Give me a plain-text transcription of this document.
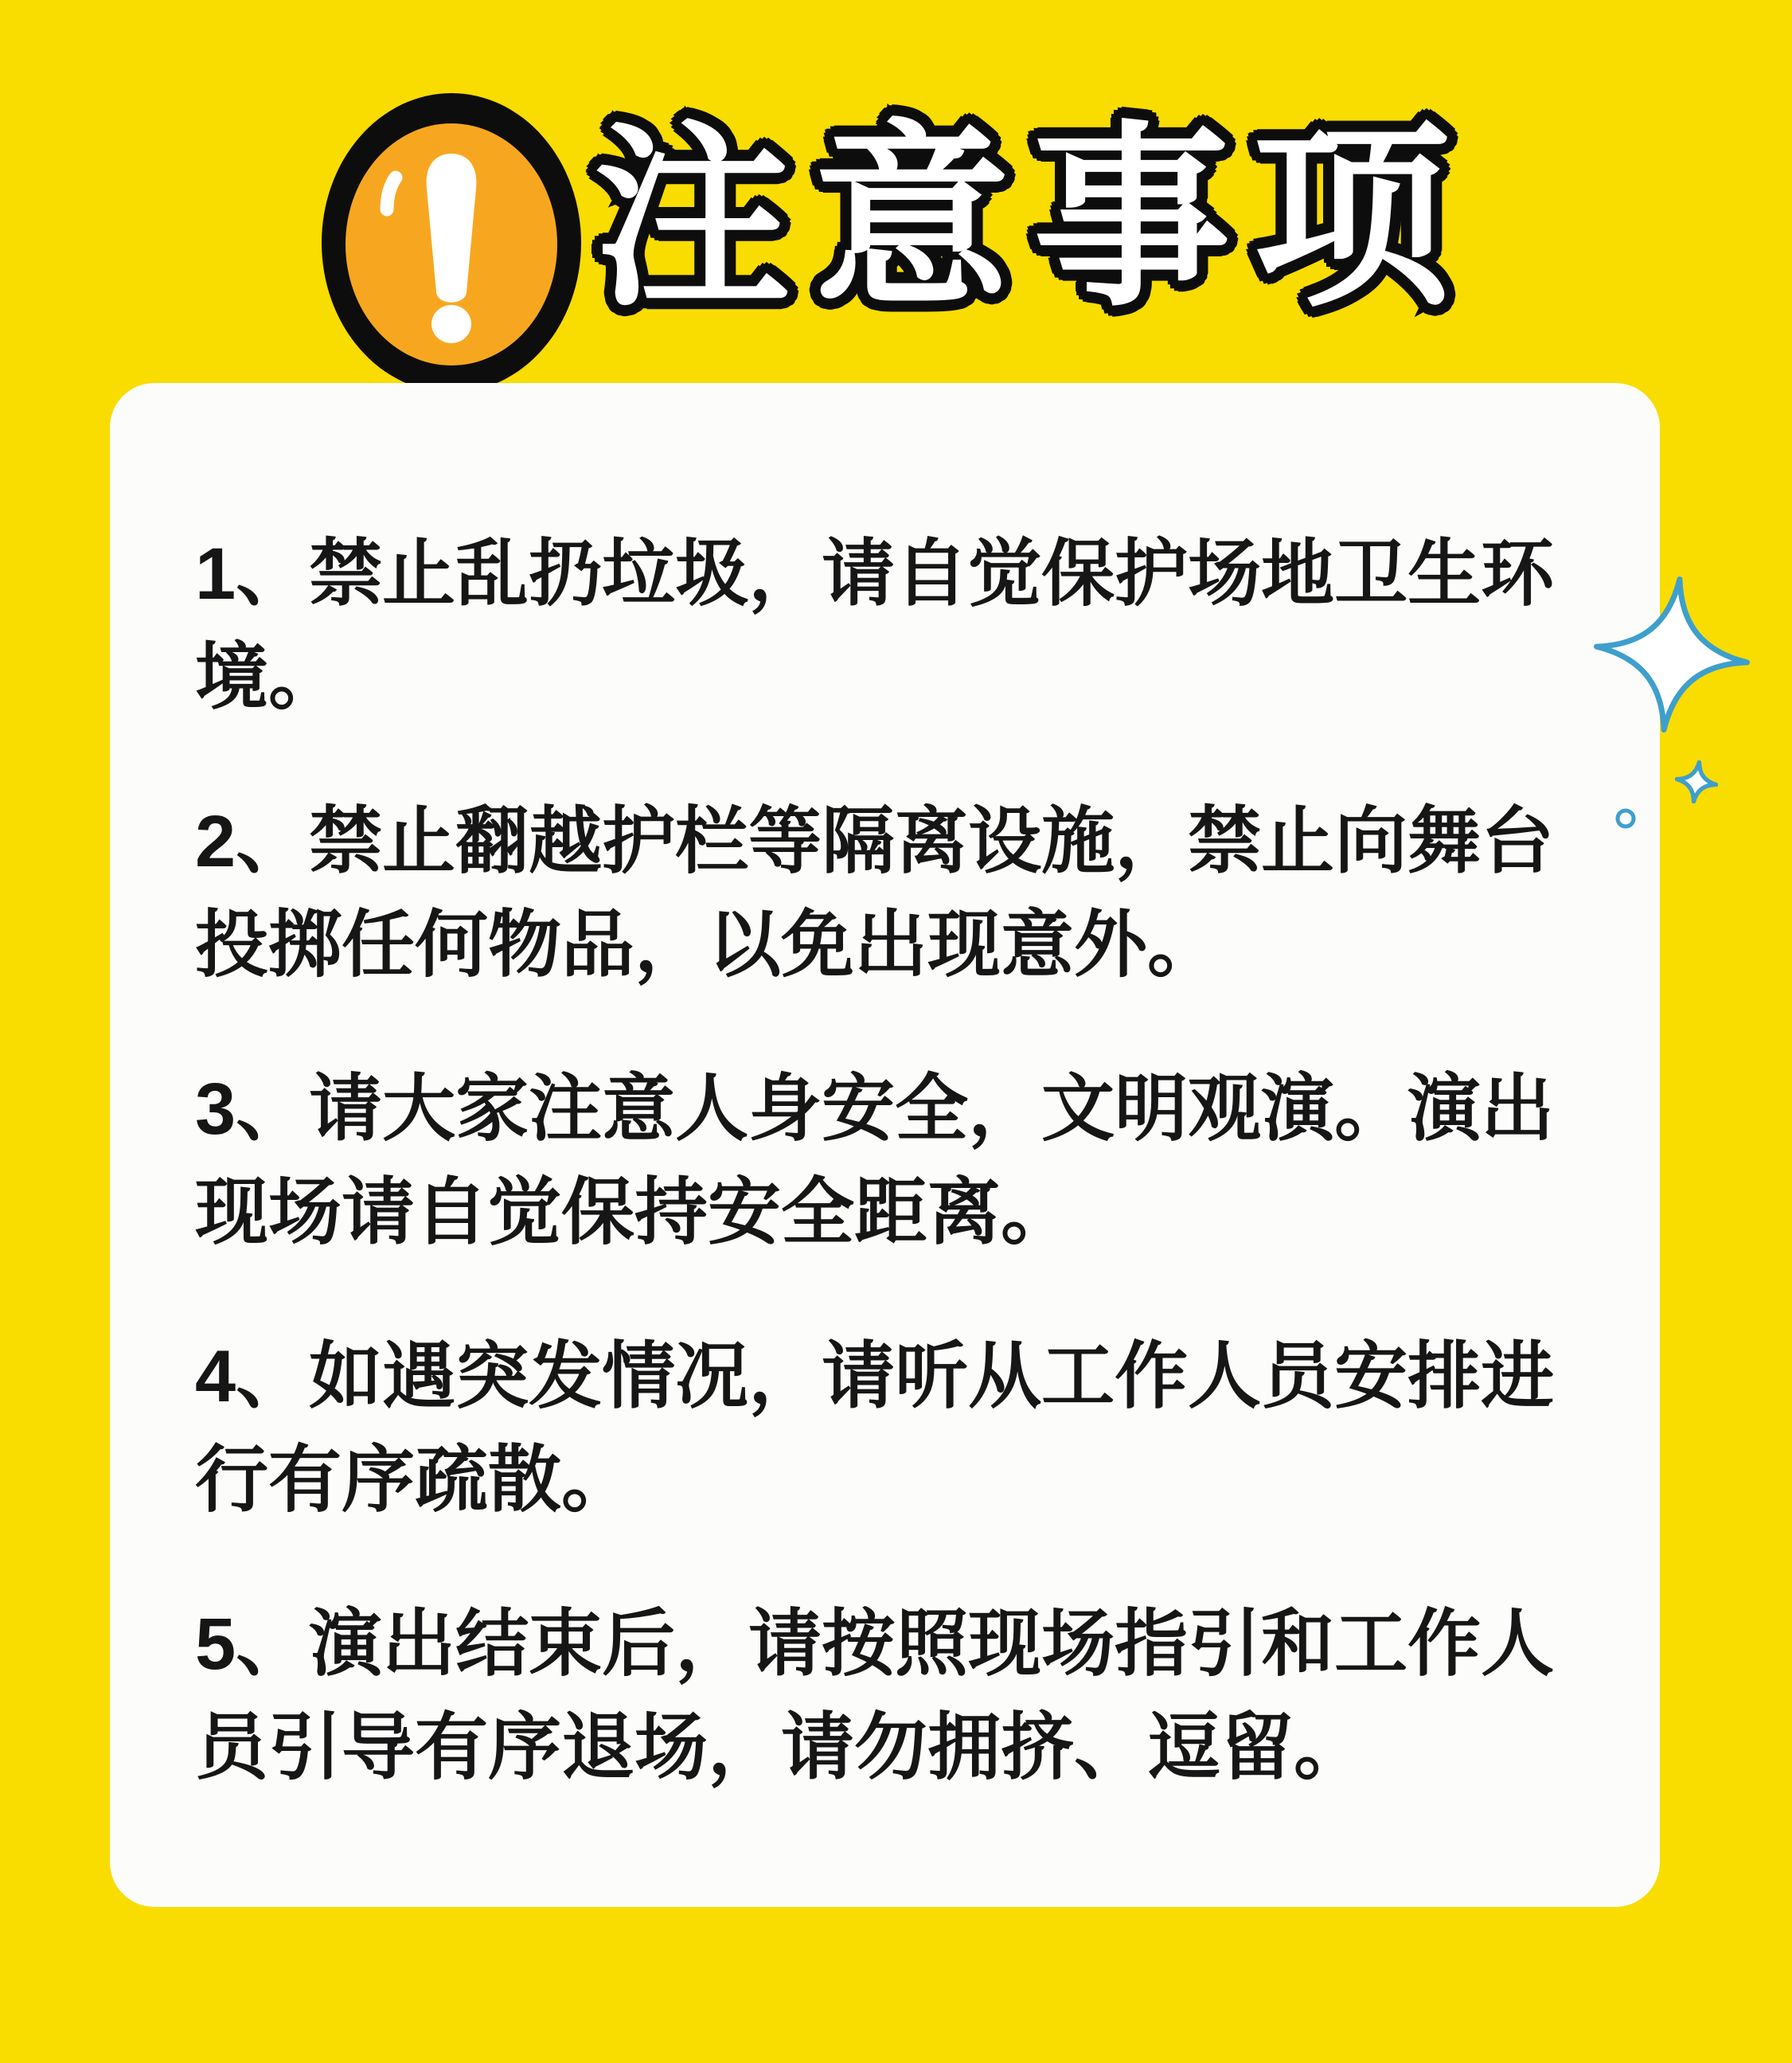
注意事项
1、禁止乱扔垃圾，请自觉保护场地卫生环
境。
2、禁止翻越护栏等隔离设施，禁止向舞台
投掷任何物品，以免出现意外。
3、请大家注意人身安全，文明观演。演出
现场请自觉保持安全距离。
4、如遇突发情况，请听从工作人员安排进
行有序疏散。
5、演出结束后，请按照现场指引和工作人
员引导有序退场，请勿拥挤、逗留。
